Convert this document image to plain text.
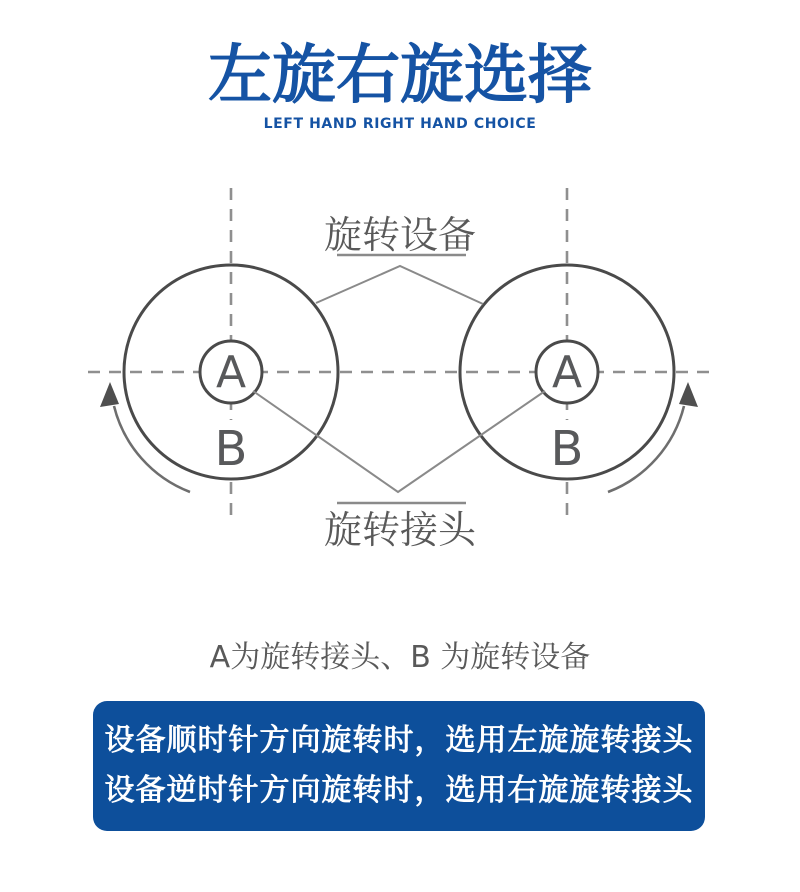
左旋右旋选择
LEFT HAND RIGHT HAND CHOICE
旋转设备
旋转接头
A	A
B	B
A为旋转接头、B 为旋转设备
设备顺时针方向旋转时，选用左旋旋转接头
设备逆时针方向旋转时，选用右旋旋转接头
